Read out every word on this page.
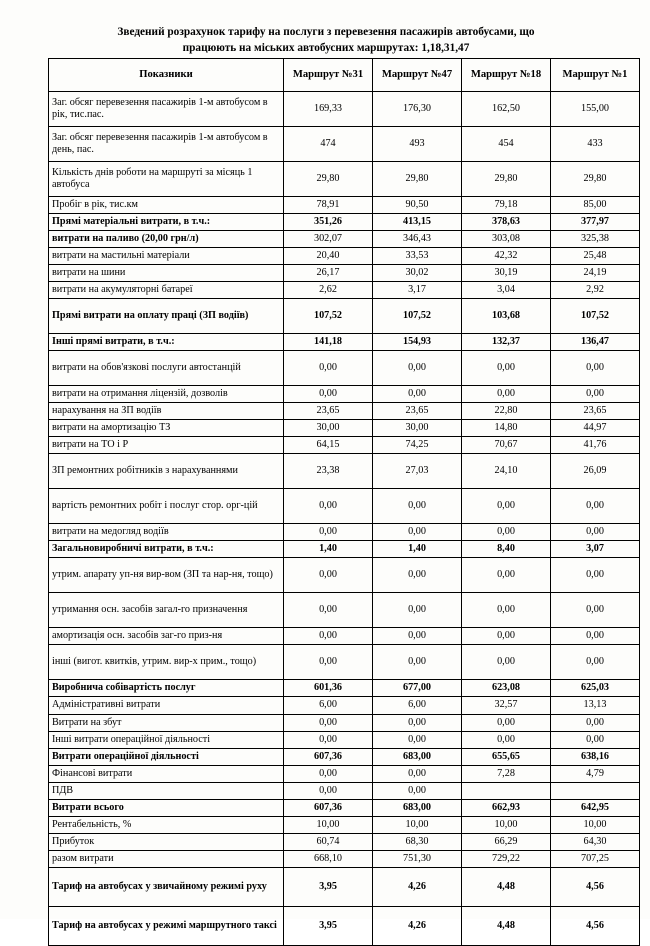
Зведений розрахунок тарифу на послуги з перевезення пасажирів автобусами, що
працюють на міських автобусних маршрутах: 1,18,31,47
Показники	Маршрут №31	Маршрут №47	Маршрут №18	Маршрут №1
Заг. обсяг перевезення пасажирів 1-м автобусом в рік, тис.пас.	169,33	176,30	162,50	155,00
Заг. обсяг перевезення пасажирів 1-м автобусом в день, пас.	474	493	454	433
Кількість днів роботи на маршруті за місяць 1 автобуса	29,80	29,80	29,80	29,80
Пробіг в рік, тис.км	78,91	90,50	79,18	85,00
Прямі матеріальні витрати, в т.ч.:	351,26	413,15	378,63	377,97
витрати на паливо (20,00 грн/л)	302,07	346,43	303,08	325,38
витрати на мастильні матеріали	20,40	33,53	42,32	25,48
витрати на шини	26,17	30,02	30,19	24,19
витрати на акумуляторні батареї	2,62	3,17	3,04	2,92
Прямі витрати на оплату праці (ЗП водіїв)	107,52	107,52	103,68	107,52
Інші прямі витрати, в т.ч.:	141,18	154,93	132,37	136,47
витрати на обов'язкові послуги автостанцій	0,00	0,00	0,00	0,00
витрати на отримання ліцензій, дозволів	0,00	0,00	0,00	0,00
нарахування на ЗП водіїв	23,65	23,65	22,80	23,65
витрати на амортизацію ТЗ	30,00	30,00	14,80	44,97
витрати на ТО і Р	64,15	74,25	70,67	41,76
ЗП ремонтних робітників з нарахуваннями	23,38	27,03	24,10	26,09
вартість ремонтних робіт і послуг стор. орг-цій	0,00	0,00	0,00	0,00
витрати на медогляд водіїв	0,00	0,00	0,00	0,00
Загальновиробничі витрати, в т.ч.:	1,40	1,40	8,40	3,07
утрим. апарату уп-ня вир-вом (ЗП та нар-ня, тощо)	0,00	0,00	0,00	0,00
утримання осн. засобів загал-го призначення	0,00	0,00	0,00	0,00
амортизація осн. засобів заг-го приз-ня	0,00	0,00	0,00	0,00
інші (вигот. квитків, утрим. вир-х прим., тощо)	0,00	0,00	0,00	0,00
Виробнича собівартість послуг	601,36	677,00	623,08	625,03
Адміністративні витрати	6,00	6,00	32,57	13,13
Витрати на збут	0,00	0,00	0,00	0,00
Інші витрати операційної діяльності	0,00	0,00	0,00	0,00
Витрати операційної діяльності	607,36	683,00	655,65	638,16
Фінансові витрати	0,00	0,00	7,28	4,79
ПДВ	0,00	0,00		
Витрати всього	607,36	683,00	662,93	642,95
Рентабельність, %	10,00	10,00	10,00	10,00
Прибуток	60,74	68,30	66,29	64,30
разом витрати	668,10	751,30	729,22	707,25
Тариф на автобусах у звичайному режимі руху	3,95	4,26	4,48	4,56
Тариф на автобусах у режимі маршрутного таксі	3,95	4,26	4,48	4,56
